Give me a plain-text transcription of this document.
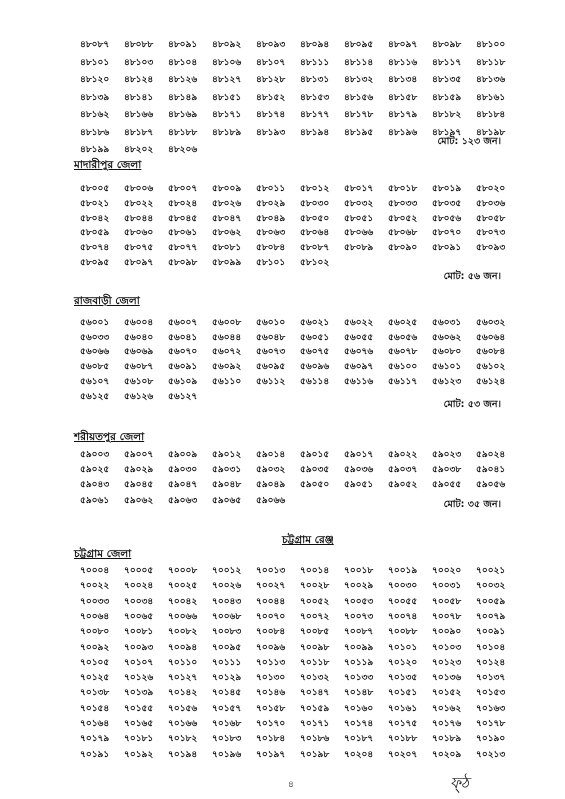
মাদারীপুর জেলা
রাজবাড়ী জেলা
শরীয়তপুর জেলা
চট্টগ্রাম রেঞ্জ
চট্টগ্রাম জেলা
মোট: ১২৩ জন।
মোট: ৫৬ জন।
মোট: ৫৩ জন।
মোট: ৩৫ জন।
৪	ফ্ঠ
৪৮০৮৭	৪৮০৮৮	৪৮০৯১	৪৮০৯২	৪৮০৯৩	৪৮০৯৪	৪৮০৯৫	৪৮০৯৭	৪৮০৯৮	৪৮১০০
৪৮১০১	৪৮১০৩	৪৮১০৪	৪৮১০৬	৪৮১০৭	৪৮১১১	৪৮১১৪	৪৮১১৬	৪৮১১৭	৪৮১১৮
৪৮১২০	৪৮১২৪	৪৮১২৬	৪৮১২৭	৪৮১২৮	৪৮১৩১	৪৮১৩২	৪৮১৩৪	৪৮১৩৫	৪৮১৩৬
৪৮১৩৯	৪৮১৪১	৪৮১৪৯	৪৮১৫১	৪৮১৫২	৪৮১৫৩	৪৮১৫৬	৪৮১৫৮	৪৮১৫৯	৪৮১৬১
৪৮১৬২	৪৮১৬৬	৪৮১৬৯	৪৮১৭১	৪৮১৭৪	৪৮১৭৭	৪৮১৭৮	৪৮১৭৯	৪৮১৮২	৪৮১৮৪
৪৮১৮৬	৪৮১৮৭	৪৮১৮৮	৪৮১৮৯	৪৮১৯৩	৪৮১৯৪	৪৮১৯৫	৪৮১৯৬	৪৮১৯৭	৪৮১৯৮
৪৮১৯৯	৪৮২০২	৪৮২০৬
৫৮০০৫	৫৮০০৬	৫৮০০৭	৫৮০০৯	৫৮০১১	৫৮০১২	৫৮০১৭	৫৮০১৮	৫৮০১৯	৫৮০২০
৫৮০২১	৫৮০২২	৫৮০২৪	৫৮০২৬	৫৮০২৯	৫৮০৩০	৫৮০৩২	৫৮০৩৩	৫৮০৩৫	৫৮০৩৬
৫৮০৪২	৫৮০৪৪	৫৮০৪৫	৫৮০৪৭	৫৮০৪৯	৫৮০৫০	৫৮০৫১	৫৮০৫২	৫৮০৫৬	৫৮০৫৮
৫৮০৫৯	৫৮০৬০	৫৮০৬১	৫৮০৬২	৫৮০৬৩	৫৮০৬৪	৫৮০৬৬	৫৮০৬৮	৫৮০৭০	৫৮০৭৩
৫৮০৭৪	৫৮০৭৫	৫৮০৭৭	৫৮০৮১	৫৮০৮৪	৫৮০৮৭	৫৮০৮৯	৫৮০৯০	৫৮০৯১	৫৮০৯৩
৫৮০৯৫	৫৮০৯৭	৫৮০৯৮	৫৮০৯৯	৫৮১০১	৫৮১০২
৫৬০০১	৫৬০০৪	৫৬০০৭	৫৬০০৮	৫৬০১০	৫৬০২১	৫৬০২২	৫৬০২৫	৫৬০৩১	৫৬০৩২
৫৬০৩৩	৫৬০৪০	৫৬০৪১	৫৬০৪৪	৫৬০৪৮	৫৬০৫১	৫৬০৫৫	৫৬০৫৬	৫৬০৬২	৫৬০৬৪
৫৬০৬৬	৫৬০৬৯	৫৬০৭০	৫৬০৭২	৫৬০৭৩	৫৬০৭৫	৫৬০৭৬	৫৬০৭৮	৫৬০৮০	৫৬০৮৪
৫৬০৮৫	৫৬০৮৭	৫৬০৯১	৫৬০৯২	৫৬০৯৫	৫৬০৯৬	৫৬০৯৭	৫৬১০০	৫৬১০১	৫৬১০২
৫৬১০৭	৫৬১০৮	৫৬১০৯	৫৬১১০	৫৬১১২	৫৬১১৪	৫৬১১৬	৫৬১১৭	৫৬১২৩	৫৬১২৪
৫৬১২৫	৫৬১২৬	৫৬১২৭
৫৯০০৩	৫৯০০৭	৫৯০০৯	৫৯০১২	৫৯০১৪	৫৯০১৫	৫৯০১৭	৫৯০২২	৫৯০২৩	৫৯০২৪
৫৯০২৫	৫৯০২৯	৫৯০৩০	৫৯০৩১	৫৯০৩২	৫৯০৩৫	৫৯০৩৬	৫৯০৩৭	৫৯০৩৮	৫৯০৪১
৫৯০৪৩	৫৯০৪৫	৫৯০৪৭	৫৯০৪৮	৫৯০৪৯	৫৯০৫০	৫৯০৫১	৫৯০৫২	৫৯০৫৫	৫৯০৫৬
৫৯০৬১	৫৯০৬২	৫৯০৬৩	৫৯০৬৫	৫৯০৬৬
৭০০০৪	৭০০০৫	৭০০০৮	৭০০১২	৭০০১৩	৭০০১৪	৭০০১৮	৭০০১৯	৭০০২০	৭০০২১
৭০০২২	৭০০২৪	৭০০২৫	৭০০২৬	৭০০২৭	৭০০২৮	৭০০২৯	৭০০৩০	৭০০৩১	৭০০৩২
৭০০৩৩	৭০০৩৪	৭০০৪২	৭০০৪৩	৭০০৪৪	৭০০৫২	৭০০৫৩	৭০০৫৫	৭০০৫৮	৭০০৫৯
৭০০৬৪	৭০০৬৫	৭০০৬৬	৭০০৬৮	৭০০৭০	৭০০৭২	৭০০৭৩	৭০০৭৪	৭০০৭৮	৭০০৭৯
৭০০৮০	৭০০৮১	৭০০৮২	৭০০৮৩	৭০০৮৪	৭০০৮৫	৭০০৮৭	৭০০৮৮	৭০০৯০	৭০০৯১
৭০০৯২	৭০০৯৩	৭০০৯৪	৭০০৯৫	৭০০৯৬	৭০০৯৮	৭০০৯৯	৭০১০১	৭০১০৩	৭০১০৪
৭০১০৫	৭০১০৭	৭০১১০	৭০১১১	৭০১১৩	৭০১১৮	৭০১১৯	৭০১২০	৭০১২৩	৭০১২৪
৭০১২৫	৭০১২৬	৭০১২৭	৭০১২৯	৭০১৩০	৭০১৩২	৭০১৩৩	৭০১৩৫	৭০১৩৬	৭০১৩৭
৭০১৩৮	৭০১৩৯	৭০১৪২	৭০১৪৫	৭০১৪৬	৭০১৪৭	৭০১৪৮	৭০১৫১	৭০১৫২	৭০১৫৩
৭০১৫৪	৭০১৫৫	৭০১৫৬	৭০১৫৭	৭০১৫৮	৭০১৫৯	৭০১৬০	৭০১৬১	৭০১৬২	৭০১৬৩
৭০১৬৪	৭০১৬৫	৭০১৬৬	৭০১৬৮	৭০১৭০	৭০১৭১	৭০১৭৪	৭০১৭৫	৭০১৭৬	৭০১৭৮
৭০১৭৯	৭০১৮১	৭০১৮২	৭০১৮৩	৭০১৮৪	৭০১৮৬	৭০১৮৭	৭০১৮৮	৭০১৮৯	৭০১৯০
৭০১৯১	৭০১৯২	৭০১৯৪	৭০১৯৬	৭০১৯৭	৭০১৯৮	৭০২০৪	৭০২০৭	৭০২০৯	৭০২১৩
